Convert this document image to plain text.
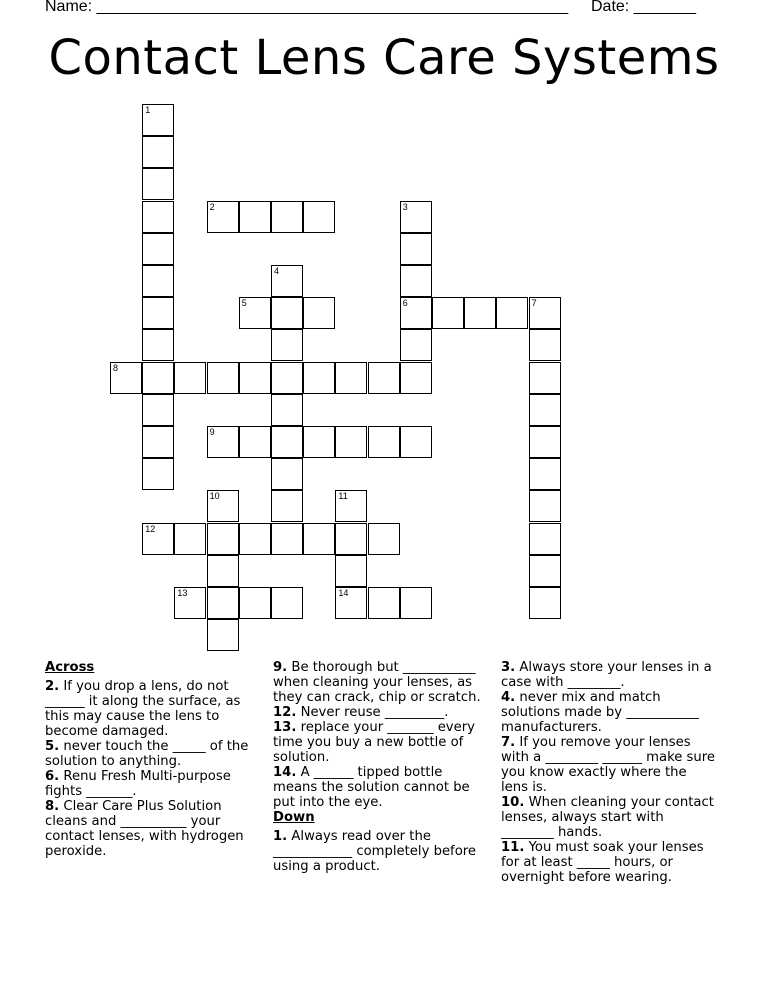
Name: _____________________________________________________ Date: _______
Contact Lens Care Systems
1
2	3
6
4
5	7
8
9
10	11
12
13	14
Across

2. If you drop a lens, do not ______ it along the surface, as this may cause the lens to become damaged.

5. never touch the _____ of the solution to anything.

6. Renu Fresh Multi-purpose fights _______.

8. Clear Care Plus Solution cleans and __________ your contact lenses, with hydrogen peroxide.

9. Be thorough but ___________ when cleaning your lenses, as they can crack, chip or scratch.

12. Never reuse _________.

13. replace your _______ every time you buy a new bottle of solution.

14. A ______ tipped bottle means the solution cannot be put into the eye.

Down

1. Always read over the ____________ completely before using a product.

3. Always store your lenses in a case with ________.

4. never mix and match solutions made by ___________ manufacturers.

7. If you remove your lenses with a ________ ______ make sure you know exactly where the lens is.

10. When cleaning your contact lenses, always start with ________ hands.

11. You must soak your lenses for at least _____ hours, or overnight before wearing.
